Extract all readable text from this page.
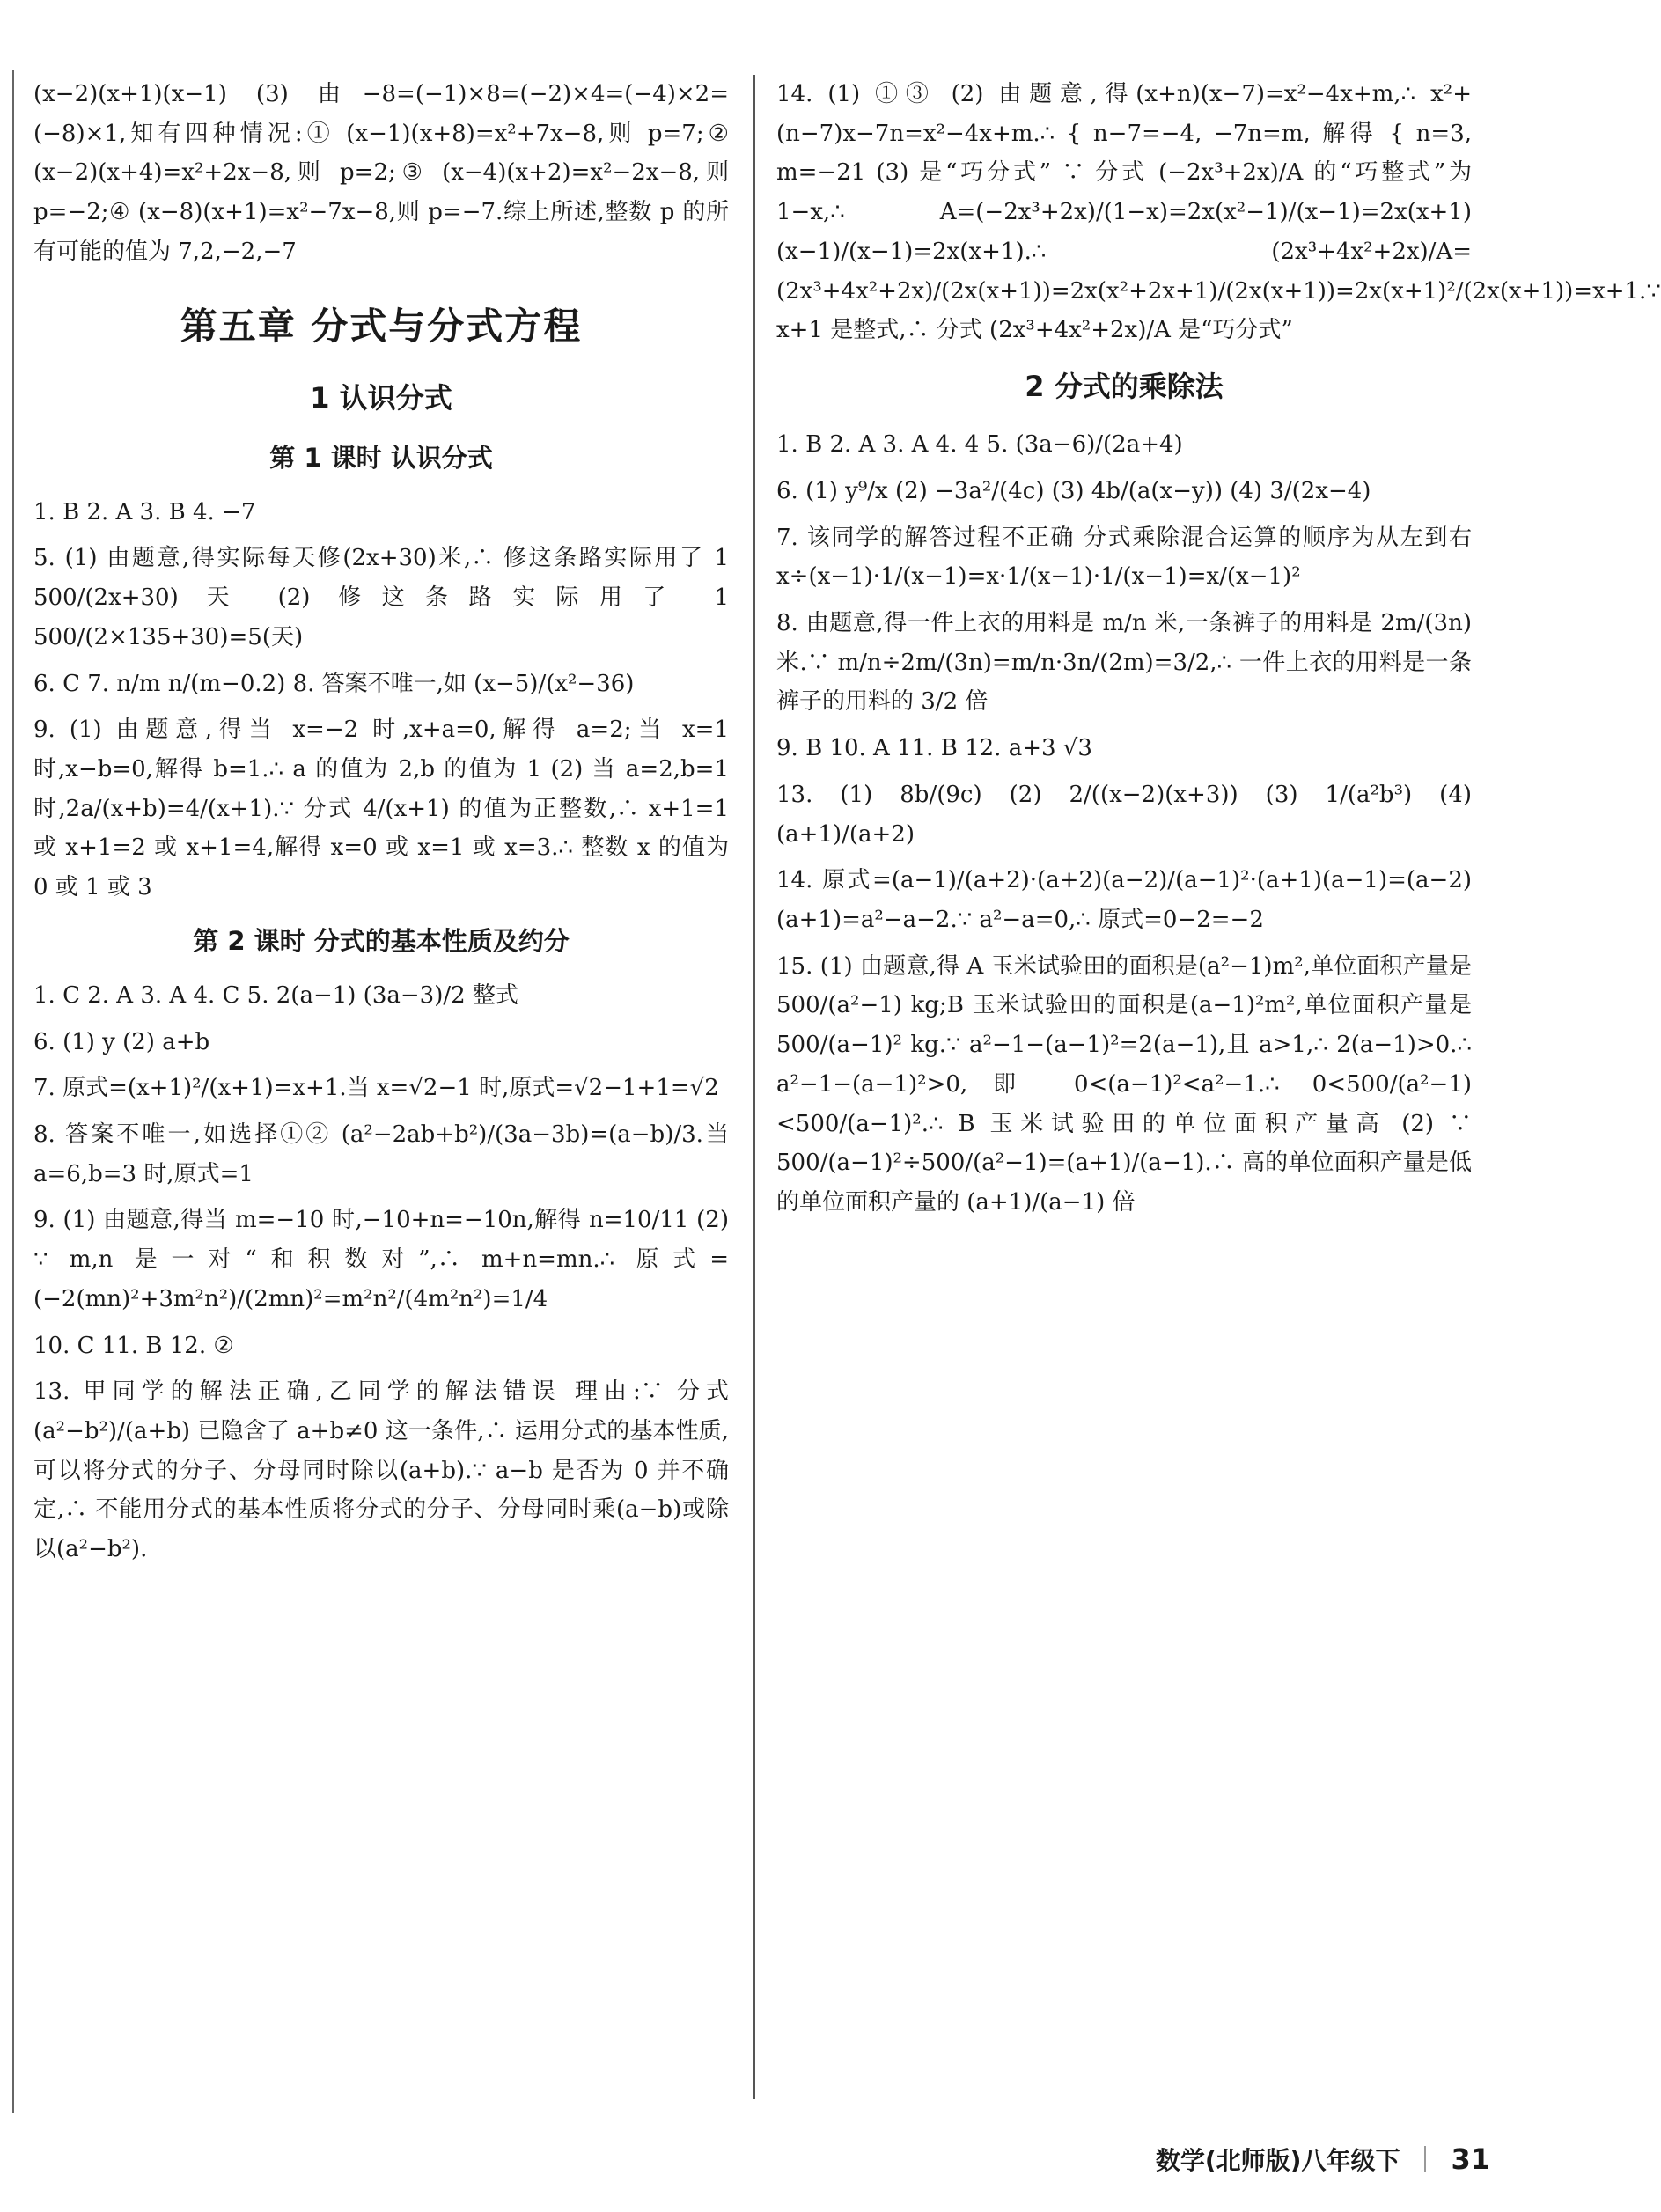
(x−2)(x+1)(x−1) (3) 由−8=(−1)×8=(−2)×4=(−4)×2=(−8)×1,知有四种情况:① (x−1)(x+8)=x²+7x−8,则 p=7;② (x−2)(x+4)=x²+2x−8,则 p=2;③ (x−4)(x+2)=x²−2x−8,则 p=−2;④ (x−8)(x+1)=x²−7x−8,则 p=−7.综上所述,整数 p 的所有可能的值为 7,2,−2,−7

第五章 分式与分式方程
1 认识分式
第 1 课时 认识分式

1. B 2. A 3. B 4. −7

5. (1) 由题意,得实际每天修(2x+30)米,∴ 修这条路实际用了 1 500/(2x+30) 天 (2) 修这条路实际用了 1 500/(2×135+30)=5(天)

6. C 7. n/m n/(m−0.2) 8. 答案不唯一,如 (x−5)/(x²−36)

9. (1) 由题意,得当 x=−2 时,x+a=0,解得 a=2;当 x=1 时,x−b=0,解得 b=1.∴ a 的值为 2,b 的值为 1 (2) 当 a=2,b=1 时,2a/(x+b)=4/(x+1).∵ 分式 4/(x+1) 的值为正整数,∴ x+1=1 或 x+1=2 或 x+1=4,解得 x=0 或 x=1 或 x=3.∴ 整数 x 的值为 0 或 1 或 3

第 2 课时 分式的基本性质及约分

1. C 2. A 3. A 4. C 5. 2(a−1) (3a−3)/2 整式

6. (1) y (2) a+b

7. 原式=(x+1)²/(x+1)=x+1.当 x=√2−1 时,原式=√2−1+1=√2

8. 答案不唯一,如选择①② (a²−2ab+b²)/(3a−3b)=(a−b)/3.当 a=6,b=3 时,原式=1

9. (1) 由题意,得当 m=−10 时,−10+n=−10n,解得 n=10/11 (2) ∵ m,n 是一对“和积数对”,∴ m+n=mn.∴ 原式=(−2(mn)²+3m²n²)/(2mn)²=m²n²/(4m²n²)=1/4

10. C 11. B 12. ②

13. 甲同学的解法正确,乙同学的解法错误 理由:∵ 分式 (a²−b²)/(a+b) 已隐含了 a+b≠0 这一条件,∴ 运用分式的基本性质,可以将分式的分子、分母同时除以(a+b).∵ a−b 是否为 0 并不确定,∴ 不能用分式的基本性质将分式的分子、分母同时乘(a−b)或除以(a²−b²).

14. (1) ①③ (2) 由题意,得(x+n)(x−7)=x²−4x+m,∴ x²+(n−7)x−7n=x²−4x+m.∴ { n−7=−4, −7n=m, 解得 { n=3, m=−21 (3) 是“巧分式” ∵ 分式 (−2x³+2x)/A 的“巧整式”为 1−x,∴ A=(−2x³+2x)/(1−x)=2x(x²−1)/(x−1)=2x(x+1)(x−1)/(x−1)=2x(x+1).∴ (2x³+4x²+2x)/A=(2x³+4x²+2x)/(2x(x+1))=2x(x²+2x+1)/(2x(x+1))=2x(x+1)²/(2x(x+1))=x+1.∵ x+1 是整式,∴ 分式 (2x³+4x²+2x)/A 是“巧分式”

2 分式的乘除法

1. B 2. A 3. A 4. 4 5. (3a−6)/(2a+4)

6. (1) y⁹/x (2) −3a²/(4c) (3) 4b/(a(x−y)) (4) 3/(2x−4)

7. 该同学的解答过程不正确 分式乘除混合运算的顺序为从左到右 x÷(x−1)·1/(x−1)=x·1/(x−1)·1/(x−1)=x/(x−1)²

8. 由题意,得一件上衣的用料是 m/n 米,一条裤子的用料是 2m/(3n) 米.∵ m/n÷2m/(3n)=m/n·3n/(2m)=3/2,∴ 一件上衣的用料是一条裤子的用料的 3/2 倍

9. B 10. A 11. B 12. a+3 √3

13. (1) 8b/(9c) (2) 2/((x−2)(x+3)) (3) 1/(a²b³) (4) (a+1)/(a+2)

14. 原式=(a−1)/(a+2)·(a+2)(a−2)/(a−1)²·(a+1)(a−1)=(a−2)(a+1)=a²−a−2.∵ a²−a=0,∴ 原式=0−2=−2

15. (1) 由题意,得 A 玉米试验田的面积是(a²−1)m²,单位面积产量是 500/(a²−1) kg;B 玉米试验田的面积是(a−1)²m²,单位面积产量是 500/(a−1)² kg.∵ a²−1−(a−1)²=2(a−1),且 a>1,∴ 2(a−1)>0.∴ a²−1−(a−1)²>0,即 0<(a−1)²<a²−1.∴ 0<500/(a²−1)<500/(a−1)².∴ B 玉米试验田的单位面积产量高 (2) ∵ 500/(a−1)²÷500/(a²−1)=(a+1)/(a−1).∴ 高的单位面积产量是低的单位面积产量的 (a+1)/(a−1) 倍

数学(北师版)八年级下 31
